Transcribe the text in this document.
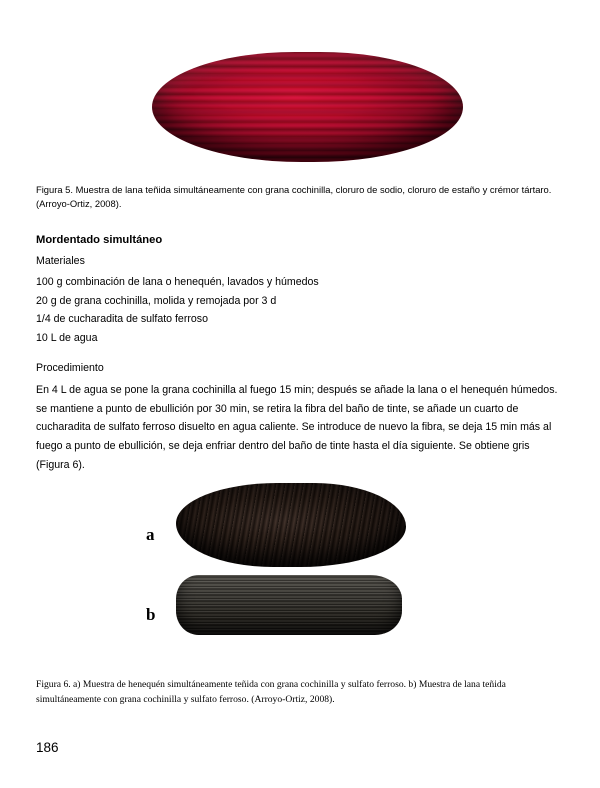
Figura 5. Muestra de lana teñida simultáneamente con grana cochinilla, cloruro de sodio, cloruro de estaño y crémor tártaro. (Arroyo-Ortiz, 2008).
Mordentado simultáneo
Materiales
100 g combinación de lana o henequén, lavados y húmedos
20 g de grana cochinilla, molida y remojada por 3 d
1/4 de cucharadita de sulfato ferroso
10 L de agua
Procedimiento
En 4 L de agua se pone la grana cochinilla al fuego 15 min; después se añade la lana o el henequén húmedos. se mantiene a punto de ebullición por 30 min, se retira la fibra del baño de tinte, se añade un cuarto de cucharadita de sulfato ferroso disuelto en agua caliente. Se introduce de nuevo la fibra, se deja 15 min más al fuego a punto de ebullición, se deja enfriar dentro del baño de tinte hasta el día siguiente. Se obtiene gris (Figura 6).
a
b
Figura 6. a) Muestra de henequén simultáneamente teñida con grana cochinilla y sulfato ferroso. b) Muestra de lana teñida simultáneamente con grana cochinilla y sulfato ferroso. (Arroyo-Ortiz, 2008).
186
